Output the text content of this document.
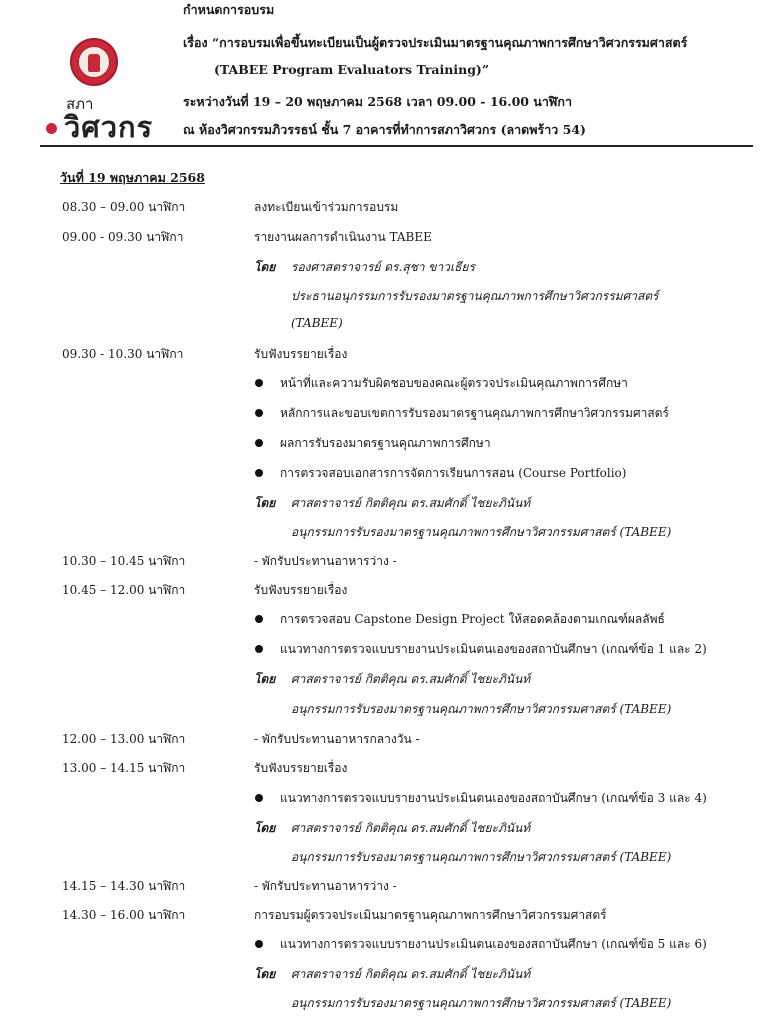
สภา
วิศวกร
กำหนดการอบรม
เรื่อง “การอบรมเพื่อขึ้นทะเบียนเป็นผู้ตรวจประเมินมาตรฐานคุณภาพการศึกษาวิศวกรรมศาสตร์
(TABEE Program Evaluators Training)”
ระหว่างวันที่ 19 – 20 พฤษภาคม 2568 เวลา 09.00 - 16.00 นาฬิกา
ณ ห้องวิศวกรรมภิวรรธน์ ชั้น 7 อาคารที่ทำการสภาวิศวกร (ลาดพร้าว 54)
วันที่ 19 พฤษภาคม 2568
08.30 – 09.00 นาฬิกา	ลงทะเบียนเข้าร่วมการอบรม
09.00 - 09.30 นาฬิกา	รายงานผลการดำเนินงาน TABEE
โดย รองศาสตราจารย์ ดร.สุชา ขาวเธียร
ประธานอนุกรรมการรับรองมาตรฐานคุณภาพการศึกษาวิศวกรรมศาสตร์
(TABEE)
09.30 - 10.30 นาฬิกา	รับฟังบรรยายเรื่อง
หน้าที่และความรับผิดชอบของคณะผู้ตรวจประเมินคุณภาพการศึกษา
หลักการและขอบเขตการรับรองมาตรฐานคุณภาพการศึกษาวิศวกรรมศาสตร์
ผลการรับรองมาตรฐานคุณภาพการศึกษา
การตรวจสอบเอกสารการจัดการเรียนการสอน (Course Portfolio)
โดย ศาสตราจารย์ กิตติคุณ ดร.สมศักดิ์ ไชยะภินันท์
อนุกรรมการรับรองมาตรฐานคุณภาพการศึกษาวิศวกรรมศาสตร์ (TABEE)
10.30 – 10.45 นาฬิกา	- พักรับประทานอาหารว่าง -
10.45 – 12.00 นาฬิกา	รับฟังบรรยายเรื่อง
การตรวจสอบ Capstone Design Project ให้สอดคล้องตามเกณฑ์ผลลัพธ์
แนวทางการตรวจแบบรายงานประเมินตนเองของสถาบันศึกษา (เกณฑ์ข้อ 1 และ 2)
โดย ศาสตราจารย์ กิตติคุณ ดร.สมศักดิ์ ไชยะภินันท์
อนุกรรมการรับรองมาตรฐานคุณภาพการศึกษาวิศวกรรมศาสตร์ (TABEE)
12.00 – 13.00 นาฬิกา	- พักรับประทานอาหารกลางวัน -
13.00 – 14.15 นาฬิกา	รับฟังบรรยายเรื่อง
แนวทางการตรวจแบบรายงานประเมินตนเองของสถาบันศึกษา (เกณฑ์ข้อ 3 และ 4)
โดย ศาสตราจารย์ กิตติคุณ ดร.สมศักดิ์ ไชยะภินันท์
อนุกรรมการรับรองมาตรฐานคุณภาพการศึกษาวิศวกรรมศาสตร์ (TABEE)
14.15 – 14.30 นาฬิกา	- พักรับประทานอาหารว่าง -
14.30 – 16.00 นาฬิกา	การอบรมผู้ตรวจประเมินมาตรฐานคุณภาพการศึกษาวิศวกรรมศาสตร์
แนวทางการตรวจแบบรายงานประเมินตนเองของสถาบันศึกษา (เกณฑ์ข้อ 5 และ 6)
โดย ศาสตราจารย์ กิตติคุณ ดร.สมศักดิ์ ไชยะภินันท์
อนุกรรมการรับรองมาตรฐานคุณภาพการศึกษาวิศวกรรมศาสตร์ (TABEE)
